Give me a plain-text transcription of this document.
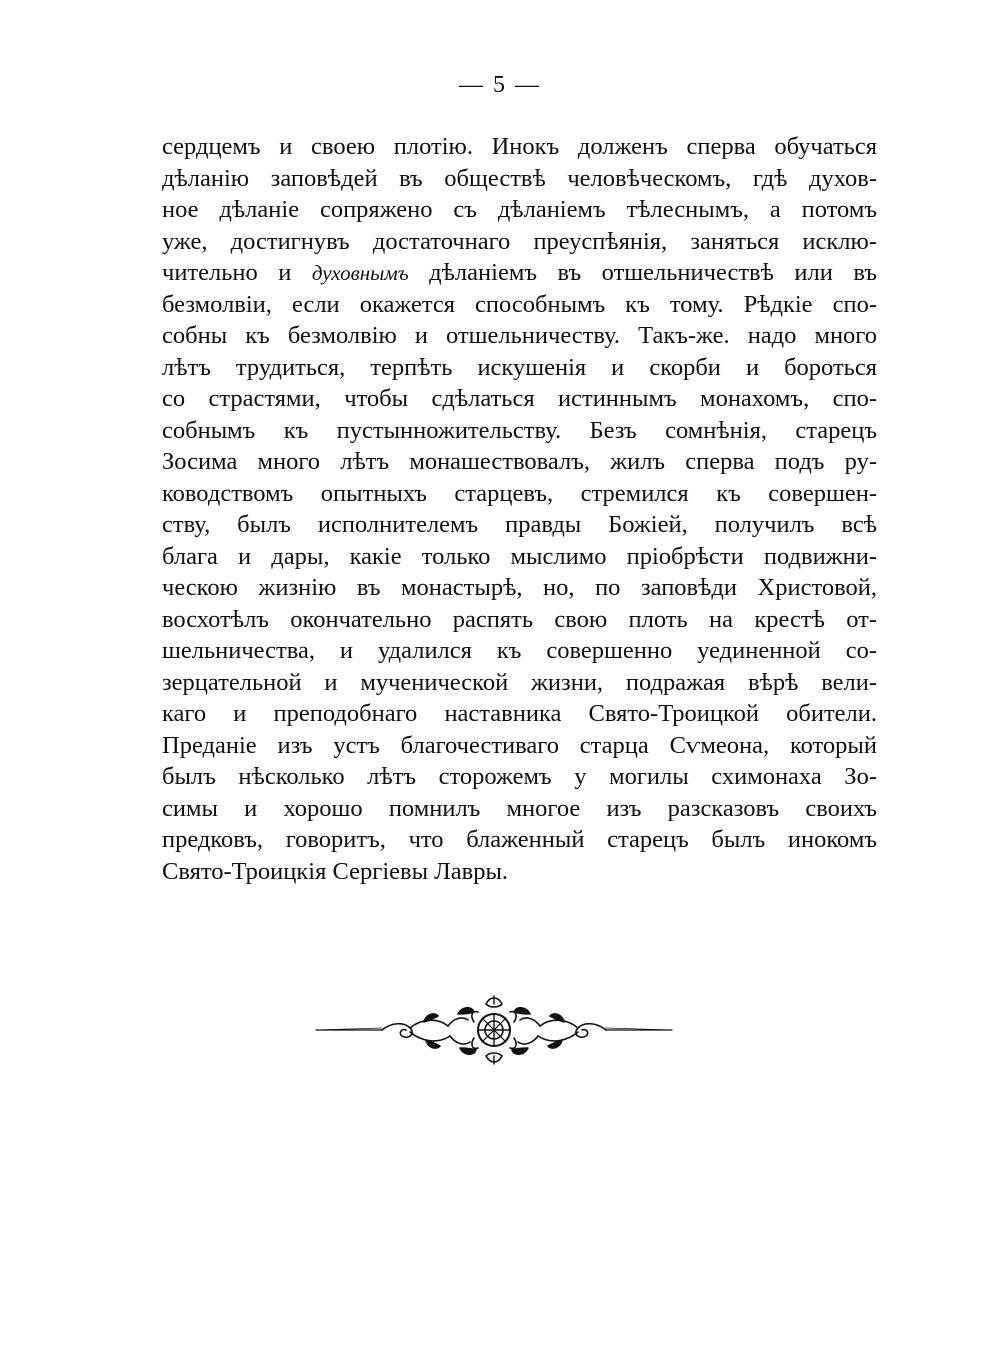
— 5 —
сердцемъ и своею плотію. Инокъ долженъ сперва обучаться
дѣланію заповѣдей въ обществѣ человѣческомъ, гдѣ духов-
ное дѣланіе сопряжено съ дѣланіемъ тѣлеснымъ, а потомъ
уже, достигнувъ достаточнаго преуспѣянія, заняться исклю-
чительно и духовнымъ дѣланіемъ въ отшельничествѣ или въ
безмолвіи, если окажется способнымъ къ тому. Рѣдкіе спо-
собны къ безмолвію и отшельничеству. Такъ-же. надо много
лѣтъ трудиться, терпѣть искушенія и скорби и бороться
со страстями, чтобы сдѣлаться истиннымъ монахомъ, спо-
собнымъ къ пустынножительству. Безъ сомнѣнія, старецъ
Зосима много лѣтъ монашествовалъ, жилъ сперва подъ ру-
ководствомъ опытныхъ старцевъ, стремился къ совершен-
ству, былъ исполнителемъ правды Божіей, получилъ всѣ
блага и дары, какіе только мыслимо пріобрѣсти подвижни-
ческою жизнію въ монастырѣ, но, по заповѣди Христовой,
восхотѣлъ окончательно распять свою плоть на крестѣ от-
шельничества, и удалился къ совершенно уединенной со-
зерцательной и мученической жизни, подражая вѣрѣ вели-
каго и преподобнаго наставника Свято-Троицкой обители.
Преданіе изъ устъ благочестиваго старца Сѵмеона, который
былъ нѣсколько лѣтъ сторожемъ у могилы схимонаха Зо-
симы и хорошо помнилъ многое изъ разсказовъ своихъ
предковъ, говоритъ, что блаженный старецъ былъ инокомъ
Свято-Троицкія Сергіевы Лавры.
